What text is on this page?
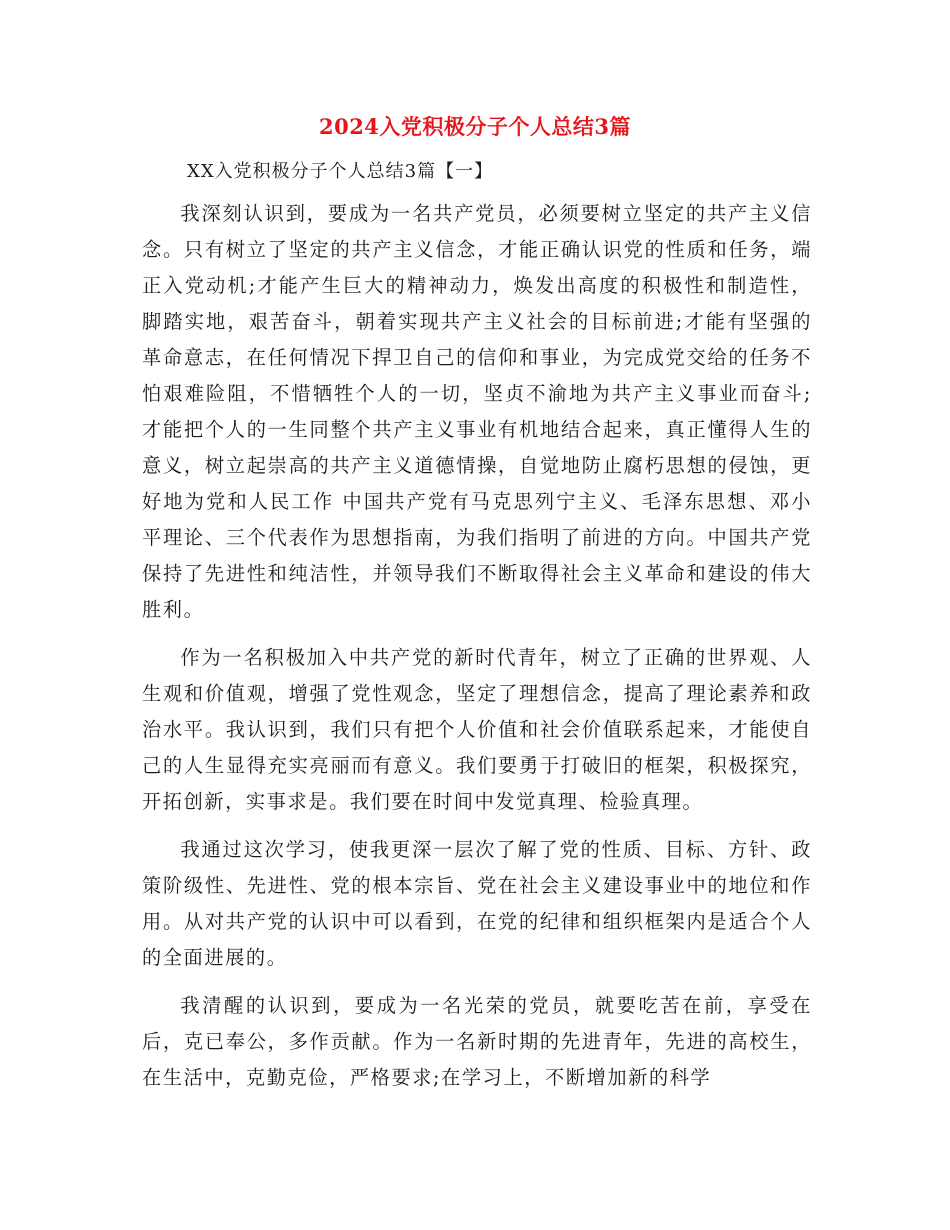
2024入党积极分子个人总结3篇
XX入党积极分子个人总结3篇【一】

我深刻认识到，要成为一名共产党员，必须要树立坚定的共产主义信念。只有树立了坚定的共产主义信念，才能正确认识党的性质和任务，端正入党动机;才能产生巨大的精神动力，焕发出高度的积极性和制造性，脚踏实地，艰苦奋斗，朝着实现共产主义社会的目标前进;才能有坚强的革命意志，在任何情况下捍卫自己的信仰和事业，为完成党交给的任务不怕艰难险阻，不惜牺牲个人的一切，坚贞不渝地为共产主义事业而奋斗;才能把个人的一生同整个共产主义事业有机地结合起来，真正懂得人生的意义，树立起崇高的共产主义道德情操，自觉地防止腐朽思想的侵蚀，更好地为党和人民工作 中国共产党有马克思列宁主义、毛泽东思想、邓小平理论、三个代表作为思想指南，为我们指明了前进的方向。中国共产党保持了先进性和纯洁性，并领导我们不断取得社会主义革命和建设的伟大胜利。

作为一名积极加入中共产党的新时代青年，树立了正确的世界观、人生观和价值观，增强了党性观念，坚定了理想信念，提高了理论素养和政治水平。我认识到，我们只有把个人价值和社会价值联系起来，才能使自己的人生显得充实亮丽而有意义。我们要勇于打破旧的框架，积极探究，开拓创新，实事求是。我们要在时间中发觉真理、检验真理。

我通过这次学习，使我更深一层次了解了党的性质、目标、方针、政策阶级性、先进性、党的根本宗旨、党在社会主义建设事业中的地位和作用。从对共产党的认识中可以看到，在党的纪律和组织框架内是适合个人的全面进展的。

我清醒的认识到，要成为一名光荣的党员，就要吃苦在前，享受在后，克已奉公，多作贡献。作为一名新时期的先进青年，先进的高校生，在生活中，克勤克俭，严格要求;在学习上，不断增加新的科学
